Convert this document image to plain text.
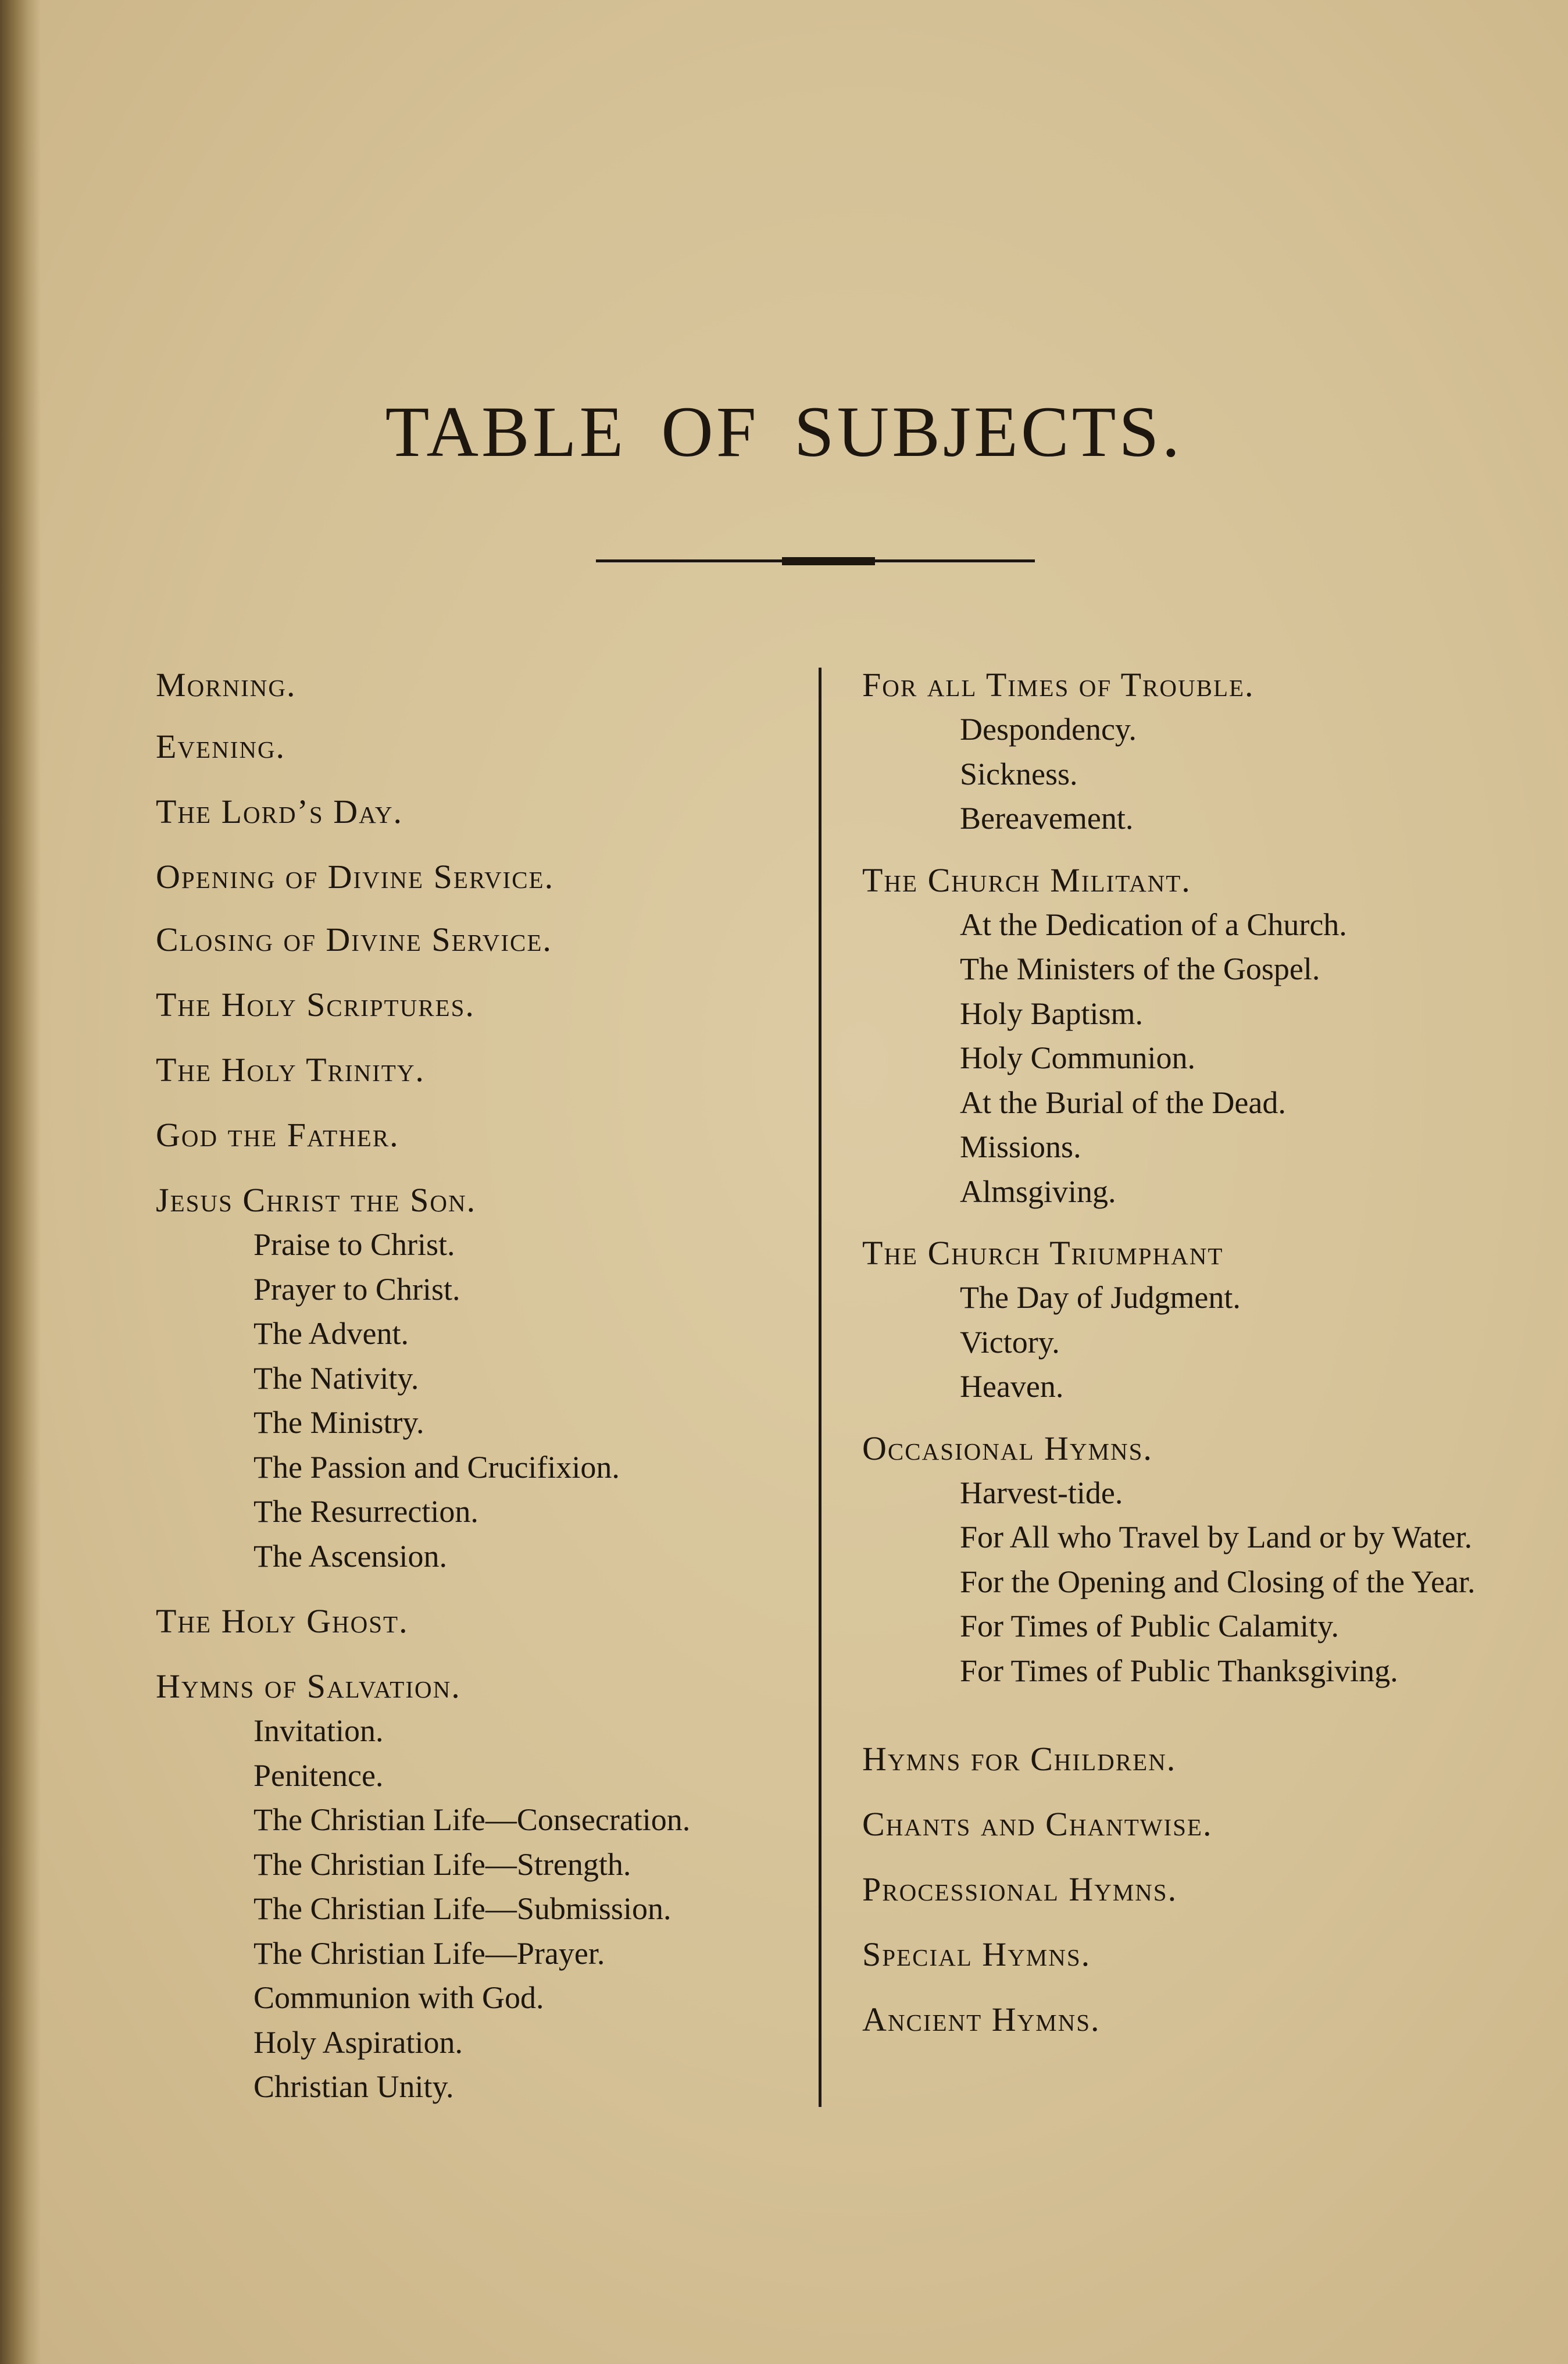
TABLE OF SUBJECTS.
Morning.
Evening.
The Lord’s Day.
Opening of Divine Service.
Closing of Divine Service.
The Holy Scriptures.
The Holy Trinity.
God the Father.
Jesus Christ the Son.
Praise to Christ.
Prayer to Christ.
The Advent.
The Nativity.
The Ministry.
The Passion and Crucifixion.
The Resurrection.
The Ascension.
The Holy Ghost.
Hymns of Salvation.
Invitation.
Penitence.
The Christian Life—Consecration.
The Christian Life—Strength.
The Christian Life—Submission.
The Christian Life—Prayer.
Communion with God.
Holy Aspiration.
Christian Unity.
For all Times of Trouble.
Despondency.
Sickness.
Bereavement.
The Church Militant.
At the Dedication of a Church.
The Ministers of the Gospel.
Holy Baptism.
Holy Communion.
At the Burial of the Dead.
Missions.
Almsgiving.
The Church Triumphant
The Day of Judgment.
Victory.
Heaven.
Occasional Hymns.
Harvest-tide.
For All who Travel by Land or by Water.
For the Opening and Closing of the Year.
For Times of Public Calamity.
For Times of Public Thanksgiving.
Hymns for Children.
Chants and Chantwise.
Processional Hymns.
Special Hymns.
Ancient Hymns.
